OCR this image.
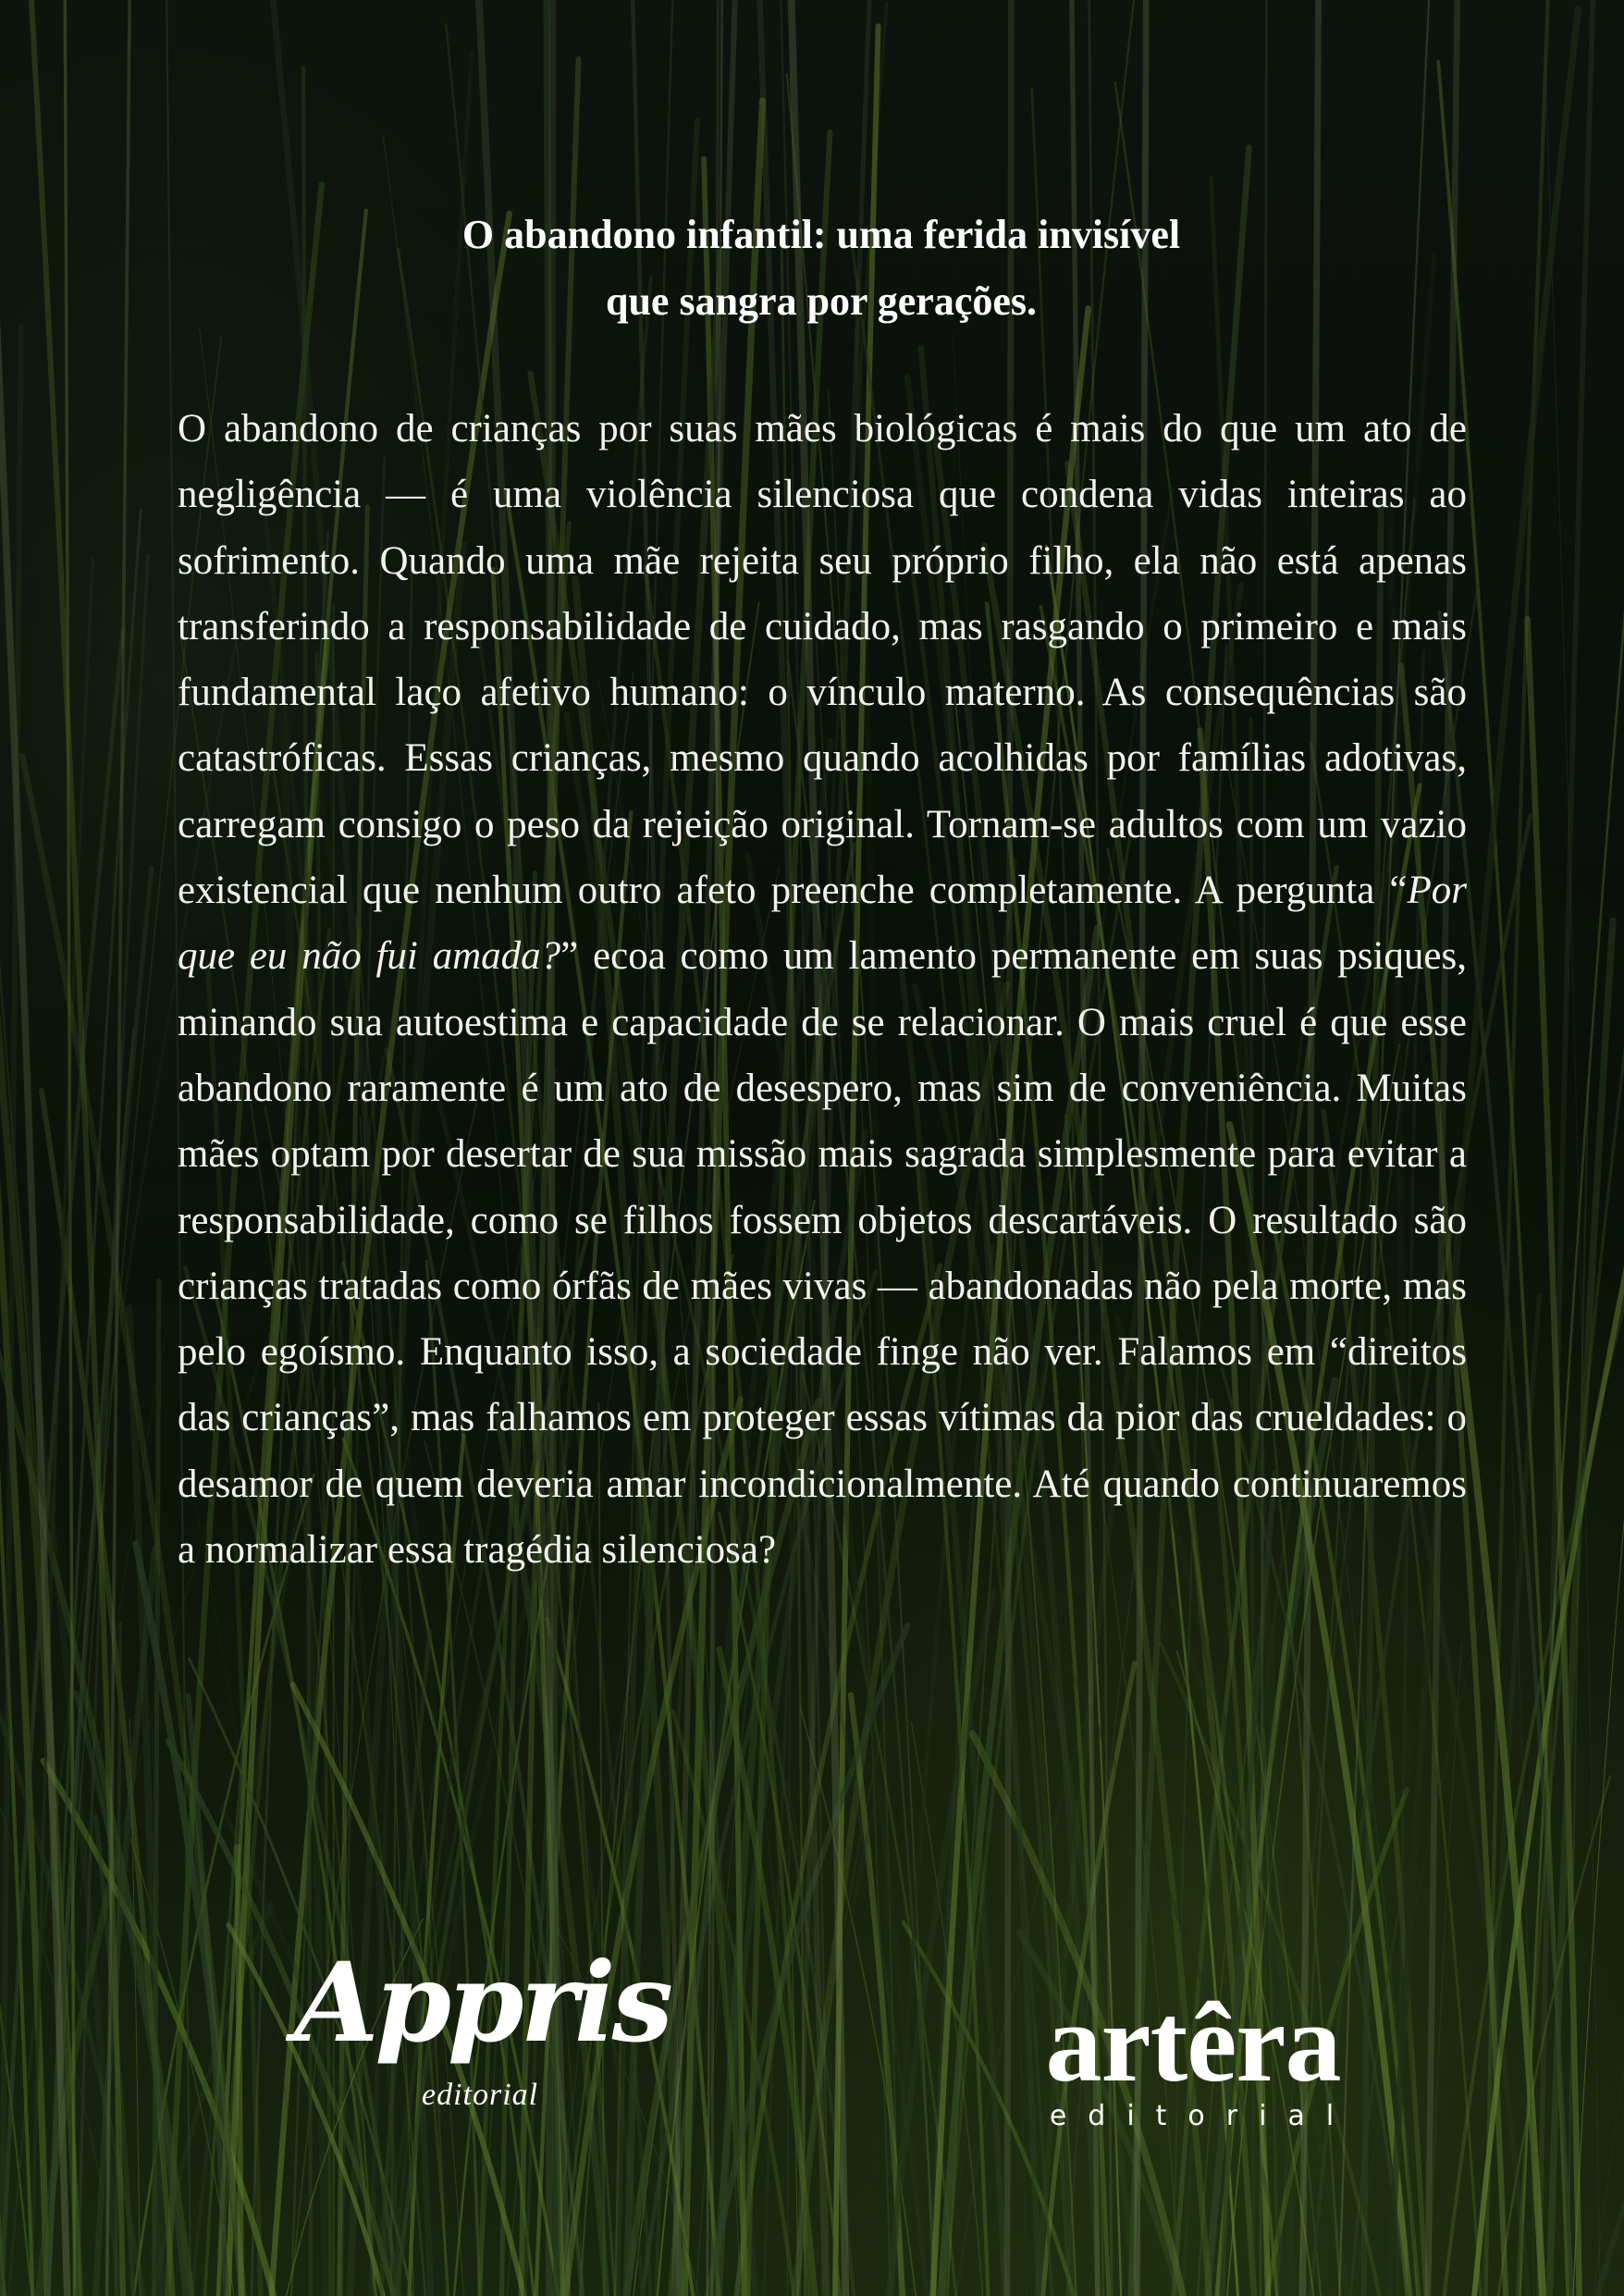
O abandono infantil: uma ferida invisível
que sangra por gerações.

O abandono de crianças por suas mães biológicas é mais do que um ato de negligência — é uma violência silenciosa que condena vidas inteiras ao sofrimento. Quando uma mãe rejeita seu próprio filho, ela não está apenas transferindo a responsabilidade de cuidado, mas rasgando o primeiro e mais fundamental laço afetivo humano: o vínculo materno. As consequências são catastróficas. Essas crianças, mesmo quando acolhidas por famílias adotivas, carregam consigo o peso da rejeição original. Tornam-se adultos com um vazio existencial que nenhum outro afeto preenche completamente. A pergunta “Por que eu não fui amada?” ecoa como um lamento permanente em suas psiques, minando sua autoestima e capacidade de se relacionar. O mais cruel é que esse abandono raramente é um ato de desespero, mas sim de conveniência. Muitas mães optam por desertar de sua missão mais sagrada simplesmente para evitar a responsabilidade, como se filhos fossem objetos descartáveis. O resultado são crianças tratadas como órfãs de mães vivas — abandonadas não pela morte, mas pelo egoísmo. Enquanto isso, a sociedade finge não ver. Falamos em “direitos das crianças”, mas falhamos em proteger essas vítimas da pior das crueldades: o desamor de quem deveria amar incondicionalmente. Até quando continuaremos a normalizar essa tragédia silenciosa?

Appris
editorial	artêra
editorial
